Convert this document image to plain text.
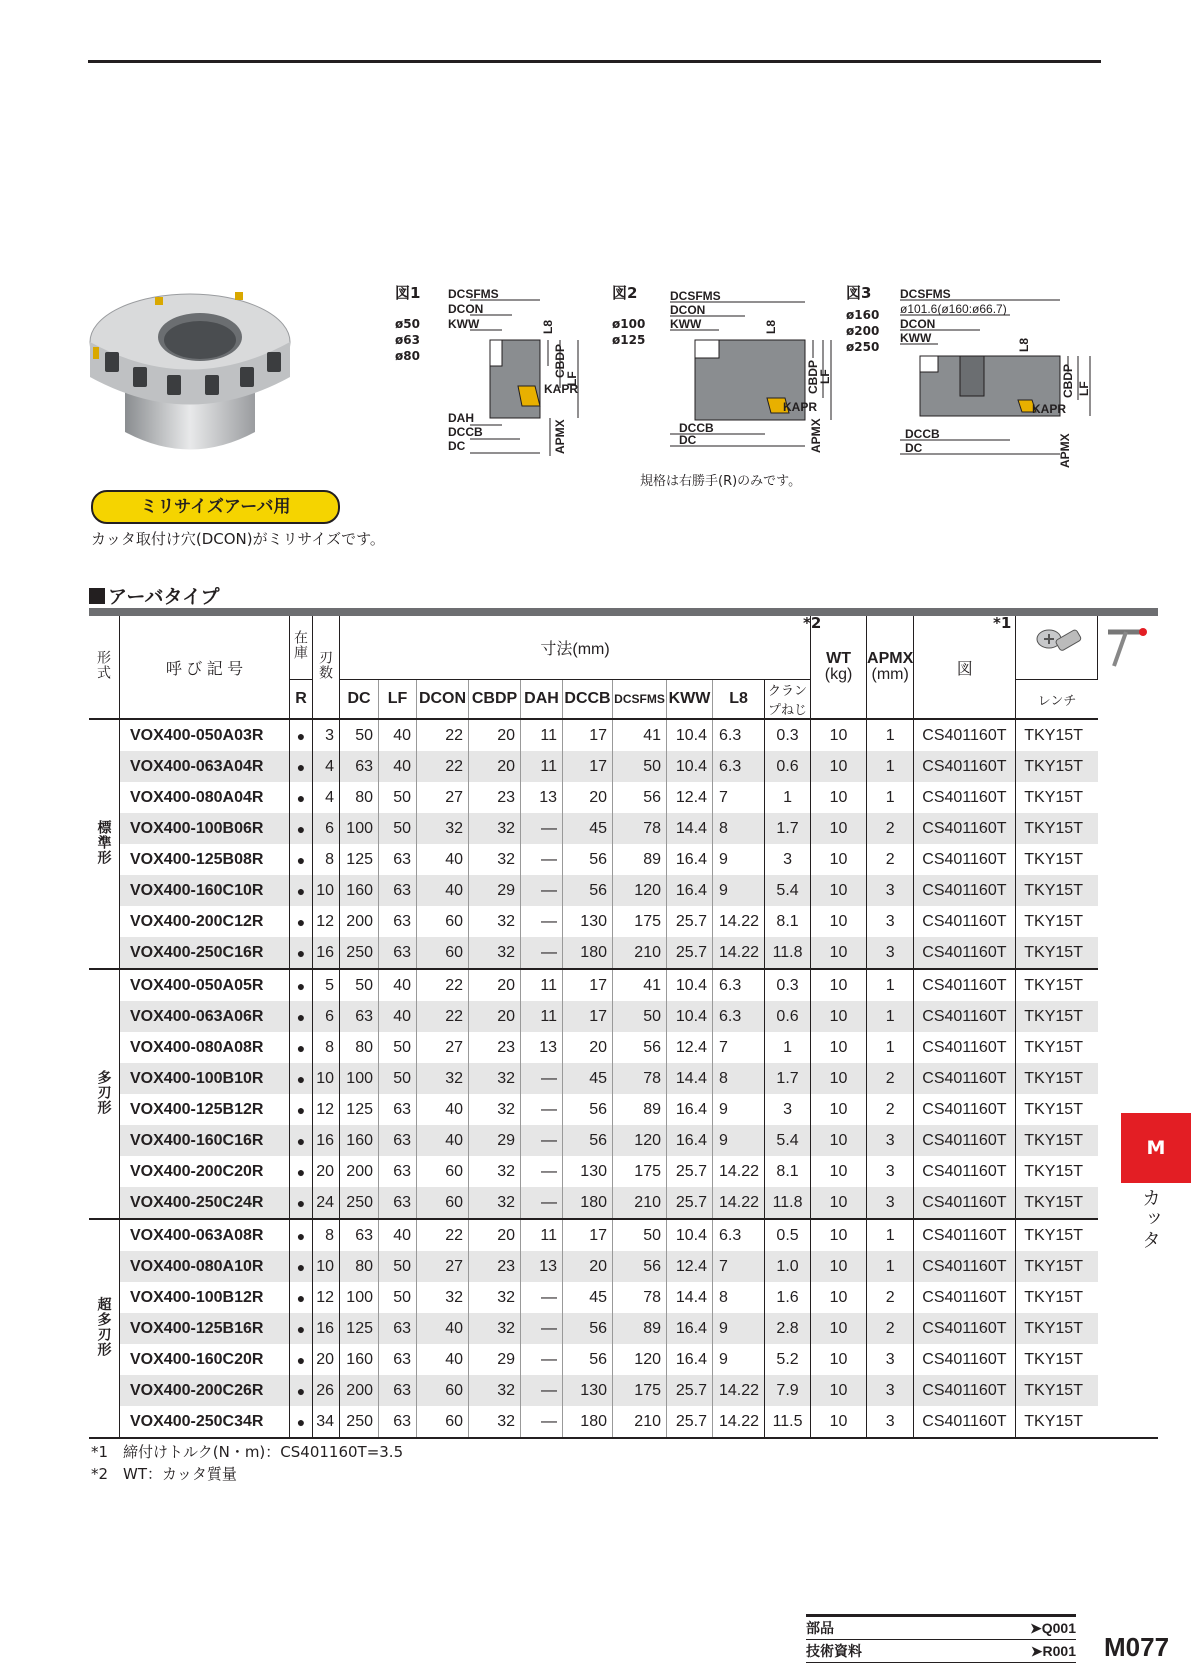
図1
ø50
ø63
ø80
DCSFMS
DCON
KWW
DAH
DCCB
DC
KAPR
L8
CBDP
LF
APMX
図2
ø100
ø125
DCSFMS
DCON
KWW
DCCB
DC
KAPR
L8
CBDP
LF
APMX
規格は右勝手(R)のみです。
図3
ø160
ø200
ø250
DCSFMS
ø101.6(ø160:ø66.7)
DCON
KWW
DCCB
DC
KAPR
L8
CBDP LF
APMX
ミリサイズアーバ用
カッタ取付け穴(DCON)がミリサイズです。
アーバタイプ
*2	*1
形式	呼 び 記 号	在庫	刃数	寸法(mm)										WT
(kg)	APMX
(mm)	図		
		R		DC	LF	DCON	CBDP	DAH	DCCB	DCSFMS	KWW	L8	クランプねじ				レンチ	
標準形	VOX400-050A03R	●	3	50	40	22	20	11	17	41	10.4	6.3	0.3	10	1	CS401160T	TKY15T	
	VOX400-063A04R	●	4	63	40	22	20	11	17	50	10.4	6.3	0.6	10	1	CS401160T	TKY15T	
	VOX400-080A04R	●	4	80	50	27	23	13	20	56	12.4	7	1	10	1	CS401160T	TKY15T	
	VOX400-100B06R	●	6	100	50	32	32	—	45	78	14.4	8	1.7	10	2	CS401160T	TKY15T	
	VOX400-125B08R	●	8	125	63	40	32	—	56	89	16.4	9	3	10	2	CS401160T	TKY15T	
	VOX400-160C10R	●	10	160	63	40	29	—	56	120	16.4	9	5.4	10	3	CS401160T	TKY15T	
	VOX400-200C12R	●	12	200	63	60	32	—	130	175	25.7	14.22	8.1	10	3	CS401160T	TKY15T	
	VOX400-250C16R	●	16	250	63	60	32	—	180	210	25.7	14.22	11.8	10	3	CS401160T	TKY15T	
多刃形	VOX400-050A05R	●	5	50	40	22	20	11	17	41	10.4	6.3	0.3	10	1	CS401160T	TKY15T	
	VOX400-063A06R	●	6	63	40	22	20	11	17	50	10.4	6.3	0.6	10	1	CS401160T	TKY15T	
	VOX400-080A08R	●	8	80	50	27	23	13	20	56	12.4	7	1	10	1	CS401160T	TKY15T	
	VOX400-100B10R	●	10	100	50	32	32	—	45	78	14.4	8	1.7	10	2	CS401160T	TKY15T	
	VOX400-125B12R	●	12	125	63	40	32	—	56	89	16.4	9	3	10	2	CS401160T	TKY15T	
	VOX400-160C16R	●	16	160	63	40	29	—	56	120	16.4	9	5.4	10	3	CS401160T	TKY15T	
	VOX400-200C20R	●	20	200	63	60	32	—	130	175	25.7	14.22	8.1	10	3	CS401160T	TKY15T	
	VOX400-250C24R	●	24	250	63	60	32	—	180	210	25.7	14.22	11.8	10	3	CS401160T	TKY15T	
超多刃形	VOX400-063A08R	●	8	63	40	22	20	11	17	50	10.4	6.3	0.5	10	1	CS401160T	TKY15T	
	VOX400-080A10R	●	10	80	50	27	23	13	20	56	12.4	7	1.0	10	1	CS401160T	TKY15T	
	VOX400-100B12R	●	12	100	50	32	32	—	45	78	14.4	8	1.6	10	2	CS401160T	TKY15T	
	VOX400-125B16R	●	16	125	63	40	32	—	56	89	16.4	9	2.8	10	2	CS401160T	TKY15T	
	VOX400-160C20R	●	20	160	63	40	29	—	56	120	16.4	9	5.2	10	3	CS401160T	TKY15T	
	VOX400-200C26R	●	26	200	63	60	32	—	130	175	25.7	14.22	7.9	10	3	CS401160T	TKY15T	
	VOX400-250C34R	●	34	250	63	60	32	—	180	210	25.7	14.22	11.5	10	3	CS401160T	TKY15T	
*1　締付けトルク(N・m)：CS401160T=3.5
*2　WT：カッタ質量
M
カッタ
部品	➤Q001
技術資料	➤R001 M077
